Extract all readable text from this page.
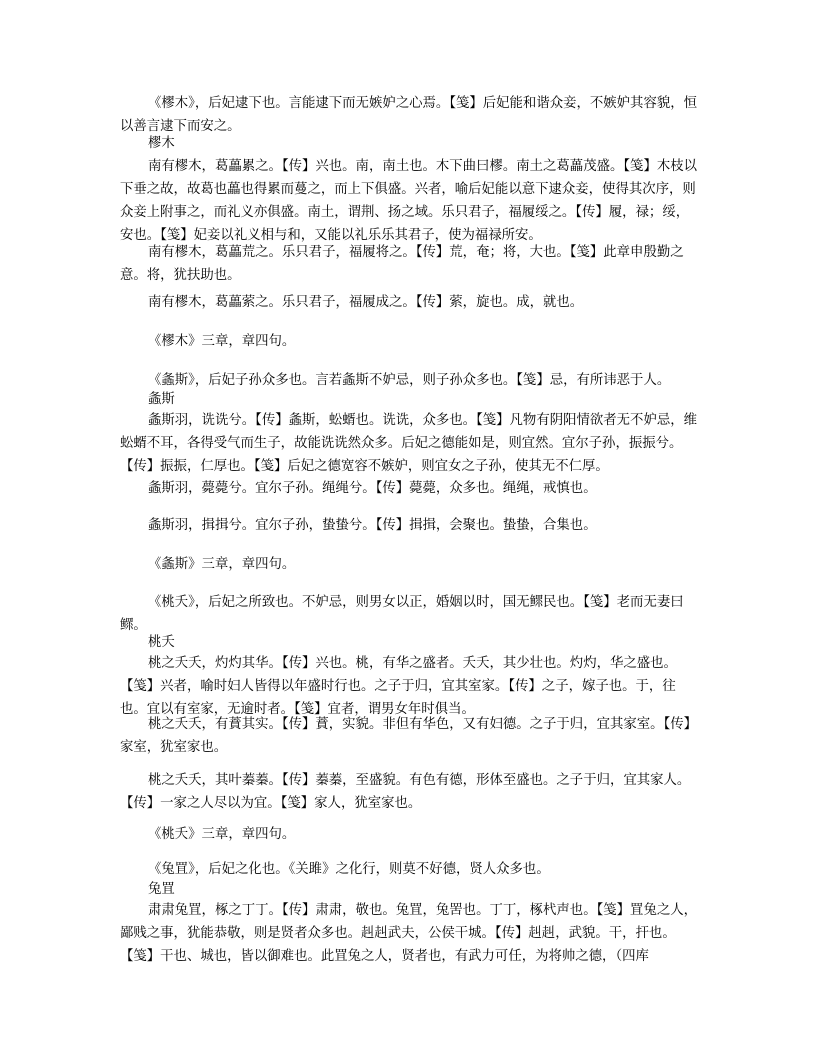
《樛木》，后妃逮下也。言能逮下而无嫉妒之心焉。【笺】后妃能和谐众妾，不嫉妒其容貌，恒以善言逮下而安之。

樛木

南有樛木，葛藟累之。【传】兴也。南，南土也。木下曲曰樛。南土之葛藟茂盛。【笺】木枝以下垂之故，故葛也藟也得累而蔓之，而上下俱盛。兴者，喻后妃能以意下逮众妾，使得其次序，则众妾上附事之，而礼义亦俱盛。南土，谓荆、扬之域。乐只君子，福履绥之。【传】履，禄；绥，安也。【笺】妃妾以礼义相与和，又能以礼乐乐其君子，使为福禄所安。

南有樛木，葛藟荒之。乐只君子，福履将之。【传】荒，奄；将，大也。【笺】此章申殷勤之意。将，犹扶助也。

南有樛木，葛藟萦之。乐只君子，福履成之。【传】萦，旋也。成，就也。

《樛木》三章，章四句。

《螽斯》，后妃子孙众多也。言若螽斯不妒忌，则子孙众多也。【笺】忌，有所讳恶于人。

螽斯

螽斯羽，诜诜兮。【传】螽斯，蚣蝑也。诜诜，众多也。【笺】凡物有阴阳情欲者无不妒忌，维蚣蝑不耳，各得受气而生子，故能诜诜然众多。后妃之德能如是，则宜然。宜尔子孙，振振兮。【传】振振，仁厚也。【笺】后妃之德宽容不嫉妒，则宜女之子孙，使其无不仁厚。

螽斯羽，薨薨兮。宜尔子孙。绳绳兮。【传】薨薨，众多也。绳绳，戒慎也。

螽斯羽，揖揖兮。宜尔子孙，蛰蛰兮。【传】揖揖，会聚也。蛰蛰，合集也。

《螽斯》三章，章四句。

《桃夭》，后妃之所致也。不妒忌，则男女以正，婚姻以时，国无鳏民也。【笺】老而无妻曰鳏。

桃夭

桃之夭夭，灼灼其华。【传】兴也。桃，有华之盛者。夭夭，其少壮也。灼灼，华之盛也。【笺】兴者，喻时妇人皆得以年盛时行也。之子于归，宜其室家。【传】之子，嫁子也。于，往也。宜以有室家，无逾时者。【笺】宜者，谓男女年时俱当。

桃之夭夭，有蕡其实。【传】蕡，实貌。非但有华色，又有妇德。之子于归，宜其家室。【传】家室，犹室家也。

桃之夭夭，其叶蓁蓁。【传】蓁蓁，至盛貌。有色有德，形体至盛也。之子于归，宜其家人。【传】一家之人尽以为宜。【笺】家人，犹室家也。

《桃夭》三章，章四句。

《兔罝》，后妃之化也。《关雎》之化行，则莫不好德，贤人众多也。

兔罝

肃肃兔罝，椓之丁丁。【传】肃肃，敬也。兔罝，兔罟也。丁丁，椓杙声也。【笺】罝兔之人，鄙贱之事，犹能恭敬，则是贤者众多也。赳赳武夫，公侯干城。【传】赳赳，武貌。干，扞也。【笺】干也、城也，皆以御难也。此罝兔之人，贤者也，有武力可任，为将帅之德，（四库
